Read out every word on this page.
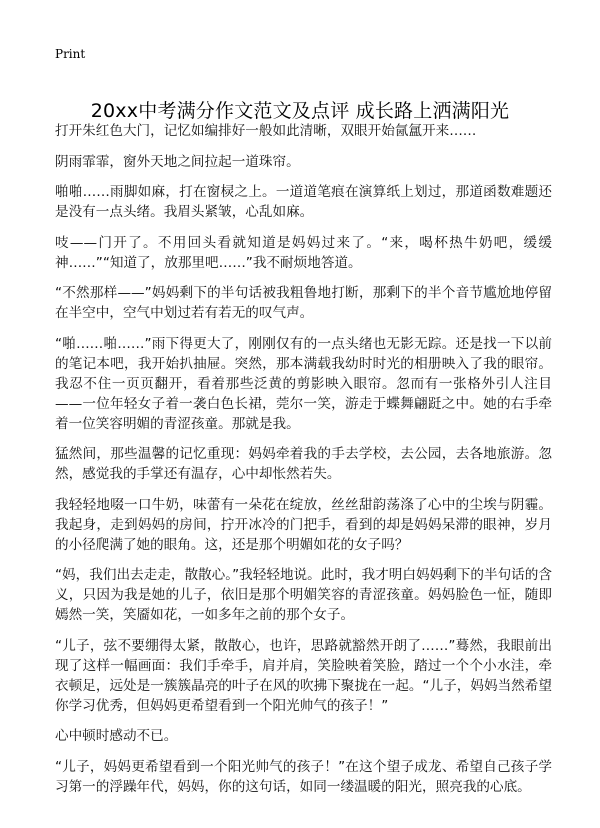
Print
20xx中考满分作文范文及点评 成长路上洒满阳光

打开朱红色大门，记忆如编排好一般如此清晰，双眼开始氤氲开来……

阴雨霏霏，窗外天地之间拉起一道珠帘。

啪啪……雨脚如麻，打在窗棂之上。一道道笔痕在演算纸上划过，那道函数难题还是没有一点头绪。我眉头紧皱，心乱如麻。

吱——门开了。不用回头看就知道是妈妈过来了。“来，喝杯热牛奶吧，缓缓神……”“知道了，放那里吧……”我不耐烦地答道。

“不然那样——”妈妈剩下的半句话被我粗鲁地打断，那剩下的半个音节尴尬地停留在半空中，空气中划过若有若无的叹气声。

“啪……啪……”雨下得更大了，刚刚仅有的一点头绪也无影无踪。还是找一下以前的笔记本吧，我开始扒抽屉。突然，那本满载我幼时时光的相册映入了我的眼帘。我忍不住一页页翻开，看着那些泛黄的剪影映入眼帘。忽而有一张格外引人注目——一位年轻女子着一袭白色长裙，莞尔一笑，游走于蝶舞翩跹之中。她的右手牵着一位笑容明媚的青涩孩童。那就是我。

猛然间，那些温馨的记忆重现：妈妈牵着我的手去学校，去公园，去各地旅游。忽然，感觉我的手掌还有温存，心中却怅然若失。

我轻轻地啜一口牛奶，味蕾有一朵花在绽放，丝丝甜韵荡涤了心中的尘埃与阴霾。我起身，走到妈妈的房间，拧开冰冷的门把手，看到的却是妈妈呆滞的眼神，岁月的小径爬满了她的眼角。这，还是那个明媚如花的女子吗？

“妈，我们出去走走，散散心。”我轻轻地说。此时，我才明白妈妈剩下的半句话的含义，只因为我是她的儿子，依旧是那个明媚笑容的青涩孩童。妈妈脸色一怔，随即嫣然一笑，笑靥如花，一如多年之前的那个女子。

“儿子，弦不要绷得太紧，散散心，也许，思路就豁然开朗了……”蓦然，我眼前出现了这样一幅画面：我们手牵手，肩并肩，笑脸映着笑脸，踏过一个个小水洼，牵衣顿足，远处是一簇簇晶亮的叶子在风的吹拂下聚拢在一起。“儿子，妈妈当然希望你学习优秀，但妈妈更希望看到一个阳光帅气的孩子！”

心中顿时感动不已。

“儿子，妈妈更希望看到一个阳光帅气的孩子！”在这个望子成龙、希望自己孩子学习第一的浮躁年代，妈妈，你的这句话，如同一缕温暖的阳光，照亮我的心底。
